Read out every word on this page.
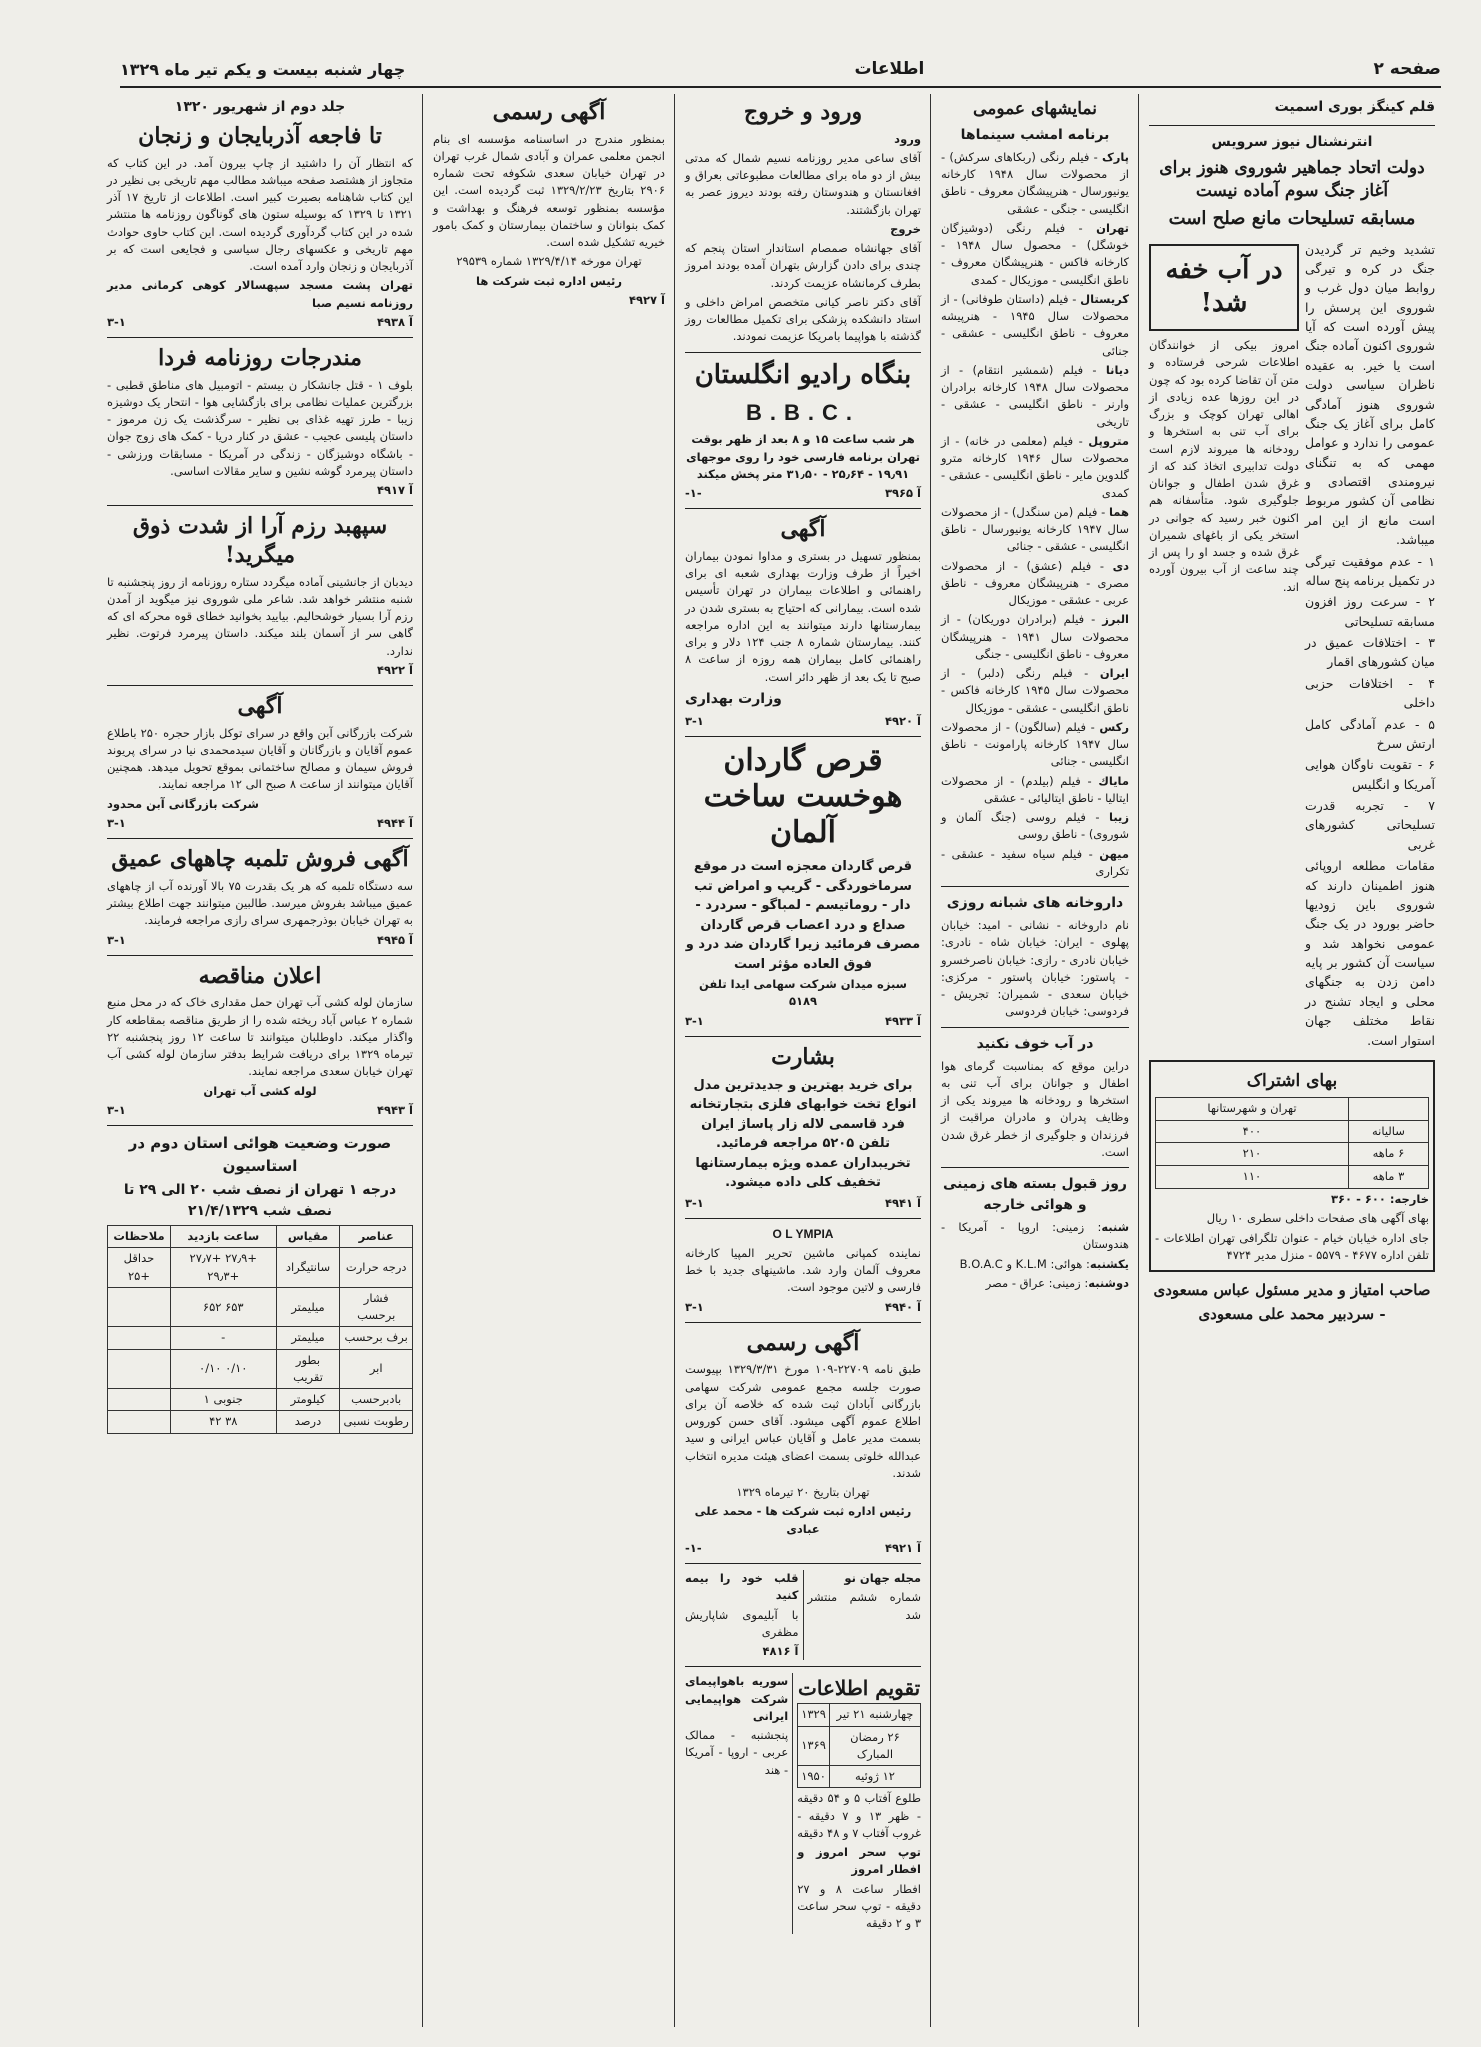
صفحه ۲
اطلاعات
چهار شنبه بیست و یکم تیر ماه ۱۳۲۹
قلم کینگز بوری اسمیت
انترنشنال نیوز سرویس
دولت اتحاد جماهیر شوروی هنوز برای آغاز جنگ سوم آماده نیست
مسابقه تسلیحات مانع صلح است

تشدید وخیم‌ تر گردیدن جنگ در کره و تیرگی روابط میان دول غرب و شوروی این پرسش را پیش آورده است که آیا شوروی اکنون آماده جنگ است یا خیر. به عقیده ناظران سیاسی دولت شوروی هنوز آمادگی کامل برای آغاز یک جنگ عمومی را ندارد و عوامل مهمی که به تنگنای نیرومندی اقتصادی و نظامی آن کشور مربوط است مانع از این امر میباشد.

۱ - عدم موفقیت تیرگی در تکمیل برنامه پنج ساله

۲ - سرعت روز افزون مسابقه تسلیحاتی

۳ - اختلافات عمیق در میان کشورهای اقمار

۴ - اختلافات حزبی داخلی

۵ - عدم آمادگی کامل ارتش سرخ

۶ - تقویت ناوگان هوایی آمریکا و انگلیس

۷ - تجربه قدرت تسلیحاتی کشورهای غربی

مقامات مطلعه اروپائی هنوز اطمینان دارند که شوروی باین زودیها حاضر بورود در یک جنگ عمومی نخواهد شد و سیاست آن کشور بر پایه دامن زدن به جنگهای محلی و ایجاد تشنج در نقاط مختلف جهان استوار است.

در آب خفه شد!

امروز بیکی از خوانندگان اطلاعات شرحی فرستاده و متن آن تقاضا کرده بود که چون در این روزها عده زیادی از اهالی تهران کوچک و بزرگ برای آب تنی به استخرها و رودخانه‌ ها میروند لازم است دولت تدابیری اتخاذ کند که از غرق شدن اطفال و جوانان جلوگیری شود. متأسفانه هم اکنون خبر رسید که جوانی در استخر یکی از باغهای شمیران غرق شده و جسد او را پس از چند ساعت از آب بیرون آورده‌ اند.

بهای اشتراک
	تهران و شهرستانها
سالیانه	۴۰۰
۶ ماهه	۲۱۰
۳ ماهه	۱۱۰

خارجه: ۶۰۰ - ۳۶۰

بهای آگهی‌ های صفحات داخلی سطری ۱۰ ریال

جای اداره خیابان خیام - عنوان تلگرافی تهران اطلاعات - تلفن اداره ۴۶۷۷ - ۵۵۷۹ - منزل مدیر ۴۷۲۴

صاحب امتیاز و مدیر مسئول عباس مسعودی - سردبیر محمد علی مسعودی
نمایشهای عمومی
برنامه امشب سینماها

پارک - فیلم رنگی (ربکاهای سرکش) - از محصولات سال ۱۹۴۸ کارخانه یونیورسال - هنرپیشگان معروف - ناطق انگلیسی - جنگی - عشقی

تهران - فیلم رنگی (دوشیزگان خوشگل) - محصول سال ۱۹۴۸ - کارخانه فاکس - هنرپیشگان معروف - ناطق انگلیسی - موزیکال - کمدی

کریستال - فیلم (داستان طوفانی) - از محصولات سال ۱۹۴۵ - هنرپیشه معروف - ناطق انگلیسی - عشقی - جنائی

دیانا - فیلم (شمشیر انتقام) - از محصولات سال ۱۹۴۸ کارخانه برادران وارنر - ناطق انگلیسی - عشقی - تاریخی

متروپل - فیلم (معلمی در خانه) - از محصولات سال ۱۹۴۶ کارخانه مترو گلدوین مایر - ناطق انگلیسی - عشقی - کمدی

هما - فیلم (من سنگدل) - از محصولات سال ۱۹۴۷ کارخانه یونیورسال - ناطق انگلیسی - عشقی - جنائی

دی - فیلم (عشق) - از محصولات مصری - هنرپیشگان معروف - ناطق عربی - عشقی - موزیکال

البرز - فیلم (برادران دوریکان) - از محصولات سال ۱۹۴۱ - هنرپیشگان معروف - ناطق انگلیسی - جنگی

ایران - فیلم رنگی (دلبر) - از محصولات سال ۱۹۴۵ کارخانه فاکس - ناطق انگلیسی - عشقی - موزیکال

رکس - فیلم (سالگون) - از محصولات سال ۱۹۴۷ کارخانه پارامونت - ناطق انگلیسی - جنائی

ماياك - فیلم (بیلدم) - از محصولات ایتالیا - ناطق ایتالیائی - عشقی

زیبا - فیلم روسی (جنگ آلمان و شوروی) - ناطق روسی

میهن - فیلم سیاه سفید - عشقی - تکراری

داروخانه‌ های شبانه روزی

نام داروخانه - نشانی - امید: خیابان پهلوی - ایران: خیابان شاه - نادری: خیابان نادری - رازی: خیابان ناصرخسرو - پاستور: خیابان پاستور - مرکزی: خیابان سعدی - شمیران: تجریش - فردوسی: خیابان فردوسی

در آب خوف نکنید

دراین موقع که بمناسبت گرمای هوا اطفال و جوانان برای آب تنی به استخرها و رودخانه‌ ها میروند یکی از وظایف پدران و مادران مراقبت از فرزندان و جلوگیری از خطر غرق شدن است.

روز قبول بسته‌ های زمینی و هوائی خارجه

شنبه: زمینی: اروپا - آمریکا - هندوستان

یکشنبه: هوائی: K.L.M و B.O.A.C

دوشنبه: زمینی: عراق - مصر

ورود و خروج
ورود

آقای ساعی مدیر روزنامه نسیم شمال که مدتی بیش از دو ماه برای مطالعات مطبوعاتی بعراق و افغانستان و هندوستان رفته بودند دیروز عصر به تهران بازگشتند.

خروج

آقای جهانشاه صمصام استاندار استان پنجم که چندی برای دادن گزارش بتهران آمده بودند امروز بطرف کرمانشاه عزیمت کردند.

آقای دکتر ناصر کیانی متخصص امراض داخلی و استاد دانشکده پزشکی برای تکمیل مطالعات روز گذشته با هواپیما بامریکا عزیمت نمودند.

بنگاه رادیو انگلستان
B.B.C.

هر شب ساعت ۱۵ و ۸ بعد از ظهر بوقت تهران برنامه فارسی خود را روی موجهای ۱۹٫۹۱ - ۲۵٫۶۴ - ۳۱٫۵۰ متر پخش میکند

آ ۳۹۶۵
-۱-
آگهی

بمنظور تسهیل در بستری و مداوا نمودن بیماران اخیراً از طرف وزارت بهداری شعبه ای برای راهنمائی و اطلاعات بیماران در تهران تأسیس شده است. بیمارانی که احتیاج به بستری شدن در بیمارستانها دارند میتوانند به این اداره مراجعه کنند. بیمارستان شماره ۸ جنب ۱۲۴ دلار و برای راهنمائی کامل بیماران همه روزه از ساعت ۸ صبح تا یک بعد از ظهر دائر است.

وزارت بهداری
آ ۴۹۲۰
۳-۱
قرص گاردان هوخست ساخت آلمان

قرص گاردان معجزه است در موقع سرماخوردگی - گریپ و امراض تب دار - روماتیسم - لمباگو - سردرد - صداع و درد اعصاب قرص گاردان مصرف فرمائید زیرا گاردان ضد درد و فوق العاده مؤثر است

سبزه میدان شرکت سهامی ایدا تلفن ۵۱۸۹

آ ۴۹۳۳
۳-۱
بشارت

برای خرید بهترین و جدیدترین مدل انواع تخت خوابهای فلزی بتجارتخانه فرد قاسمی لاله زار پاساژ ایران تلفن ۵۲۰۵ مراجعه فرمائید. تخریبداران عمده ویژه بیمارستانها تخفیف کلی داده میشود.

آ ۴۹۴۱
۳-۱
O L YMPIA

نماینده کمپانی ماشین تحریر المپیا کارخانه معروف آلمان وارد شد. ماشینهای جدید با خط فارسی و لاتین موجود است.

آ ۴۹۴۰
۳-۱
آگهی رسمی

طبق نامه ۲۲۷۰۹-۱۰۹ مورخ ۱۳۲۹/۳/۳۱ بپیوست صورت جلسه مجمع عمومی شرکت سهامی بازرگانی آبادان ثبت شده که خلاصه آن برای اطلاع عموم آگهی میشود. آقای حسن کوروس بسمت مدیر عامل و آقایان عباس ایرانی و سید عبدالله خلوتی بسمت اعضای هیئت مدیره انتخاب شدند.

تهران بتاریخ ۲۰ تیرماه ۱۳۲۹

رئیس اداره ثبت شرکت ها - محمد علی عبادی

آ ۴۹۲۱
-۱-
مجله جهان نو

شماره ششم منتشر شد

قلب خود را بیمه کنید

با آبلیموی شاپاریش مظفری

آ ۴۸۱۶
تقویم اطلاعات
چهارشنبه ۲۱ تیر	۱۳۲۹
۲۶ رمضان المبارک	۱۳۶۹
۱۲ ژوئیه	۱۹۵۰

طلوع آفتاب ۵ و ۵۴ دقیقه - ظهر ۱۳ و ۷ دقیقه - غروب آفتاب ۷ و ۴۸ دقیقه

توپ سحر امروز و افطار امروز

افطار ساعت ۸ و ۲۷ دقیقه - توپ سحر ساعت ۳ و ۲ دقیقه

سوریه باهواپیمای شرکت هواپیمایی ایرانی

پنجشنبه - ممالک عربی - اروپا - آمریکا - هند

آگهی رسمی

بمنظور مندرج در اساسنامه مؤسسه ای بنام انجمن معلمی عمران و آبادی شمال غرب تهران در تهران خیابان سعدی شکوفه تحت شماره ۲۹۰۶ بتاریخ ۱۳۲۹/۲/۲۳ ثبت گردیده است. این مؤسسه بمنظور توسعه فرهنگ و بهداشت و کمک بنوانان و ساختمان بیمارستان و کمک بامور خیریه تشکیل شده است.

تهران مورخه ۱۳۲۹/۴/۱۴ شماره ۲۹۵۳۹

رئیس اداره ثبت شرکت ها

آ ۴۹۲۷
جلد دوم از شهریور ۱۳۲۰
تا فاجعه آذربایجان و زنجان

که انتظار آن را داشتید از چاپ بیرون آمد. در این کتاب که متجاوز از هشتصد صفحه میباشد مطالب مهم تاریخی بی‌ نظیر در این کتاب شاهنامه بصیرت کبیر است. اطلاعات از تاریخ ۱۷ آذر ۱۳۲۱ تا ۱۳۲۹ که بوسیله ستون های گوناگون روزنامه‌ ها منتشر شده در این کتاب گردآوری گردیده است. این کتاب حاوی حوادث مهم تاریخی و عکسهای رجال سیاسی و فجایعی است که بر آذربایجان و زنجان وارد آمده است.

تهران پشت مسجد سپهسالار کوهی کرمانی مدیر روزنامه نسیم صبا

آ ۴۹۳۸
۳-۱
مندرجات روزنامه فردا

بلوف ۱ - قتل جانشکار ن بیستم - اتومبیل های مناطق قطبی - بزرگترین عملیات نظامی برای بازگشایی هوا - انتحار یک دوشیزه زیبا - طرز تهیه غذای بی‌ نظیر - سرگذشت یک زن مرموز - داستان پلیسی عجیب - عشق در کنار دریا - کمک های زوج جوان - باشگاه دوشیزگان - زندگی در آمریکا - مسابقات ورزشی - داستان پیرمرد گوشه نشین و سایر مقالات اساسی.

آ ۴۹۱۷
سپهبد رزم آرا از شدت ذوق میگرید!

دیدبان از جانشینی آماده میگردد ستاره روزنامه از روز پنجشنبه تا شنبه منتشر خواهد شد. شاعر ملی شوروی نیز میگوید از آمدن رزم آرا بسیار خوشحالیم. بیایید بخوانید خطای قوه محرکه ای که گاهی سر از آسمان بلند میکند. داستان پیرمرد فرتوت. نظیر ندارد.

آ ۴۹۲۲
آگهی

شرکت بازرگانی آبن واقع در سرای توکل بازار حجره ۲۵۰ باطلاع عموم آقایان و بازرگانان و آقایان سیدمحمدی نیا در سرای پریوند فروش سیمان و مصالح ساختمانی بموقع تحویل میدهد. همچنین آقایان میتوانند از ساعت ۸ صبح الی ۱۲ مراجعه نمایند.

شرکت بازرگانی آبن محدود

آ ۴۹۴۴
۳-۱
آگهی فروش تلمبه چاههای عمیق

سه دستگاه تلمبه که هر یک بقدرت ۷۵ بالا آورنده آب از چاههای عمیق میباشد بفروش میرسد. طالبین میتوانند جهت اطلاع بیشتر به تهران خیابان بوذرجمهری سرای رازی مراجعه فرمایند.

آ ۴۹۴۵
۳-۱
اعلان مناقصه

سازمان لوله کشی آب تهران حمل مقداری خاک که در محل منبع شماره ۲ عباس آباد ریخته شده را از طریق مناقصه بمقاطعه کار واگذار میکند. داوطلبان میتوانند تا ساعت ۱۲ روز پنجشنبه ۲۲ تیرماه ۱۳۲۹ برای دریافت شرایط بدفتر سازمان لوله کشی آب تهران خیابان سعدی مراجعه نمایند.

لوله کشی آب تهران

آ ۴۹۴۳
۳-۱
صورت وضعیت هوائی استان دوم در استاسیون
درجه ۱ تهران از نصف شب ۲۰ الی ۲۹ تا نصف شب ۲۱/۴/۱۳۲۹
عناصر	مقیاس	ساعت بازدید	ملاحظات
درجه حرارت	سانتیگراد	+۲۷٫۹ +۲۷٫۷ +۲۹٫۳	حداقل +۲۵
فشار برحسب	میلیمتر	۶۵۳ ۶۵۲	
برف برحسب	میلیمتر	-	
ابر	بطور تقریب	۰/۱۰ ۰/۱۰	
بادبرحسب	کیلومتر	جنوبی ۱	
رطوبت نسبی	درصد	۳۸ ۴۲	
